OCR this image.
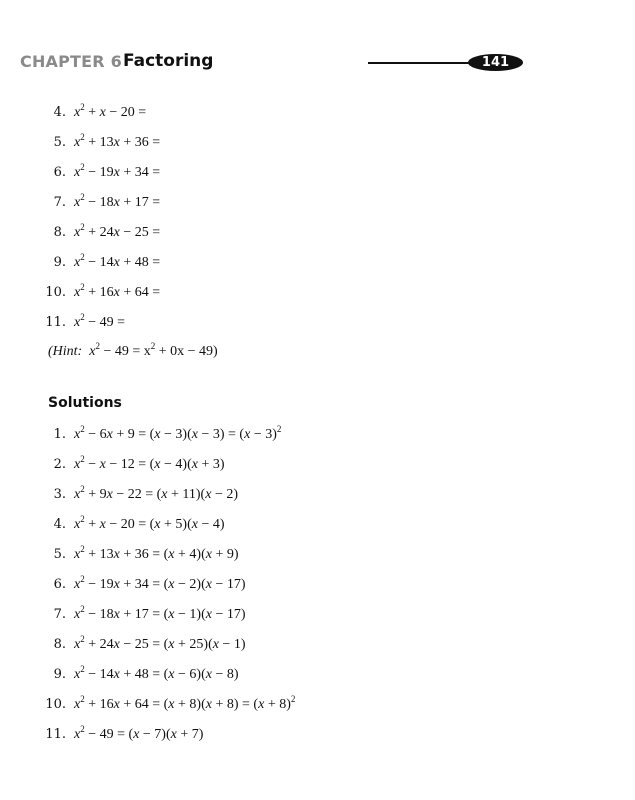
CHAPTER 6 Factoring	141
4. $x^2 + x - 20$ =
5. $x^2 + 13x + 36$ =
6. $x^2 - 19x + 34$ =
7. $x^2 - 18x + 17$ =
8. $x^2 + 24x - 25$ =
9. $x^2 - 14x + 48$ =
10. $x^2 + 16x + 64$ =
11. $x^2 - 49$ =
(Hint: $x^2 - 49 = x^2 + 0x - 49$)
Solutions
1. $x^2 - 6x + 9 = (x - 3)(x - 3) = (x - 3)^2$
2. $x^2 - x - 12 = (x - 4)(x + 3)$
3. $x^2 + 9x - 22 = (x + 11)(x - 2)$
4. $x^2 + x - 20 = (x + 5)(x - 4)$
5. $x^2 + 13x + 36 = (x + 4)(x + 9)$
6. $x^2 - 19x + 34 = (x - 2)(x - 17)$
7. $x^2 - 18x + 17 = (x - 1)(x - 17)$
8. $x^2 + 24x - 25 = (x + 25)(x - 1)$
9. $x^2 - 14x + 48 = (x - 6)(x - 8)$
10. $x^2 + 16x + 64 = (x + 8)(x + 8) = (x + 8)^2$
11. $x^2 - 49 = (x - 7)(x + 7)$
